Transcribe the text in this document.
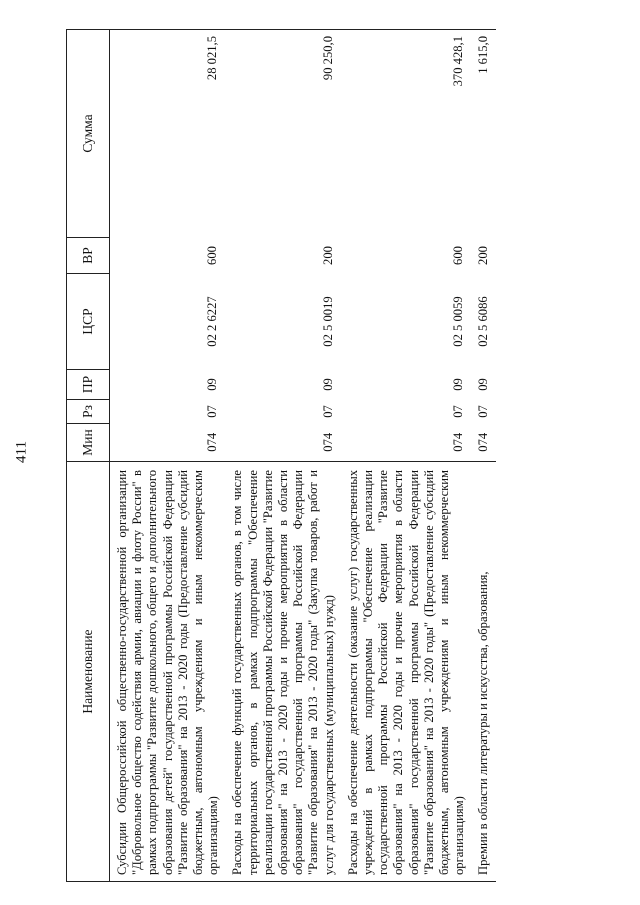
411
Наименование	Мин	Рз	ПР	ЦСР	ВР	Сумма
Субсидии Общероссийской общественно-государственной организации "Добровольное общество содействия армии, авиации и флоту России" в рамках подпрограммы "Развитие дошкольного, общего и дополнительного образования детей" государственной программы Российской Федерации "Развитие образования" на 2013 - 2020 годы (Предоставление субсидий бюджетным, автономным учреждениям и иным некоммерческим организациям)	074	07	09	02 2 6227	600	28 021,5
Расходы на обеспечение функций государственных органов, в том числе территориальных органов, в рамках подпрограммы "Обеспечение реализации государственной программы Российской Федерации "Развитие образования" на 2013 - 2020 годы и прочие мероприятия в области образования" государственной программы Российской Федерации "Развитие образования" на 2013 - 2020 годы" (Закупка товаров, работ и услуг для государственных (муниципальных) нужд)	074	07	09	02 5 0019	200	90 250,0
Расходы на обеспечение деятельности (оказание услуг) государственных учреждений в рамках подпрограммы "Обеспечение реализации государственной программы Российской Федерации "Развитие образования" на 2013 - 2020 годы и прочие мероприятия в области образования" государственной программы Российской Федерации "Развитие образования" на 2013 - 2020 годы" (Предоставление субсидий бюджетным, автономным учреждениям и иным некоммерческим организациям)	074	07	09	02 5 0059	600	370 428,1
Премии в области литературы и искусства, образования,	074	07	09	02 5 6086	200	1 615,0
